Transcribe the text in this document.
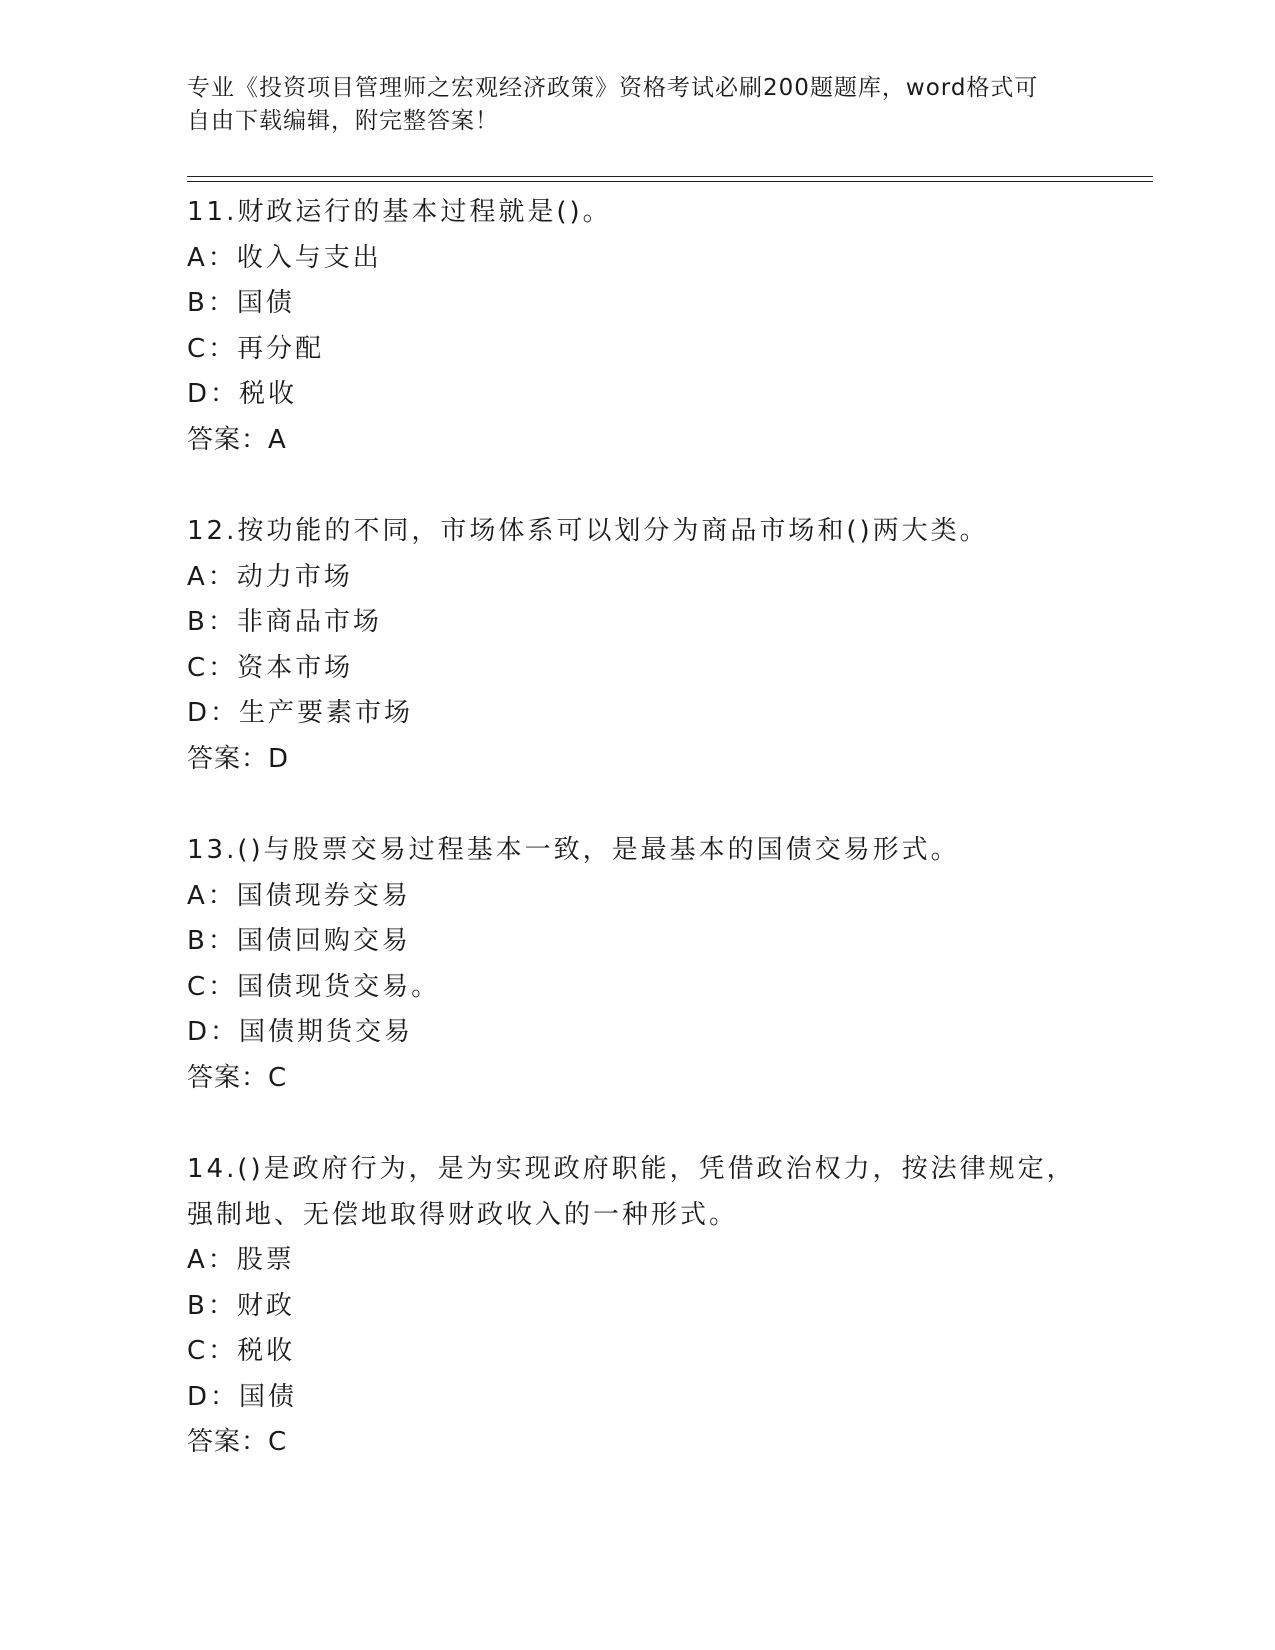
专业《投资项目管理师之宏观经济政策》资格考试必刷200题题库，word格式可
自由下载编辑，附完整答案！
11.财政运行的基本过程就是()。
A：收入与支出
B：国债
C：再分配
D：税收
答案：A
12.按功能的不同，市场体系可以划分为商品市场和()两大类。
A：动力市场
B：非商品市场
C：资本市场
D：生产要素市场
答案：D
13.()与股票交易过程基本一致，是最基本的国债交易形式。
A：国债现券交易
B：国债回购交易
C：国债现货交易。
D：国债期货交易
答案：C
14.()是政府行为，是为实现政府职能，凭借政治权力，按法律规定，
强制地、无偿地取得财政收入的一种形式。
A：股票
B：财政
C：税收
D：国债
答案：C
